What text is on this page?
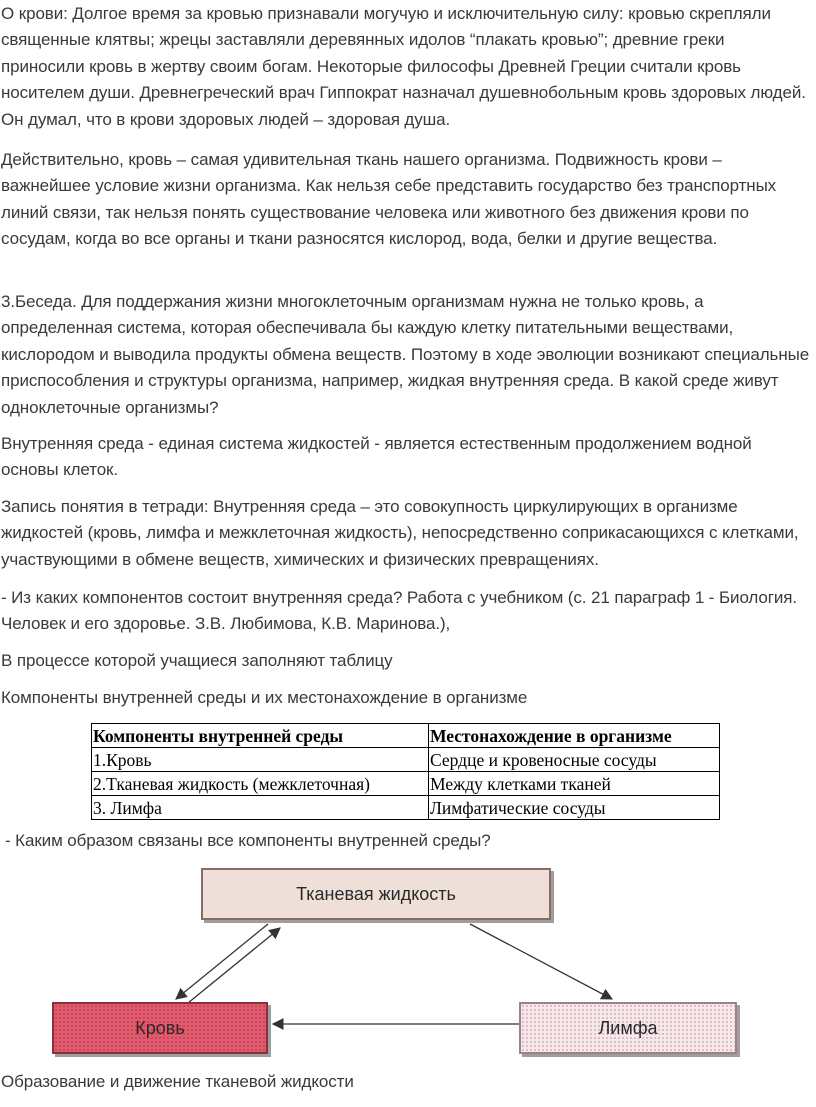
О крови: Долгое время за кровью признавали могучую и исключительную силу: кровью скрепляли священные клятвы; жрецы заставляли деревянных идолов “плакать кровью”; древние греки приносили кровь в жертву своим богам. Некоторые философы Древней Греции считали кровь носителем души. Древнегреческий врач Гиппократ назначал душевнобольным кровь здоровых людей. Он думал, что в крови здоровых людей – здоровая душа.

Действительно, кровь – самая удивительная ткань нашего организма. Подвижность крови – важнейшее условие жизни организма. Как нельзя себе представить государство без транспортных линий связи, так нельзя понять существование человека или животного без движения крови по сосудам, когда во все органы и ткани разносятся кислород, вода, белки и другие вещества.

3.Беседа. Для поддержания жизни многоклеточным организмам нужна не только кровь, а определенная система, которая обеспечивала бы каждую клетку питательными веществами, кислородом и выводила продукты обмена веществ. Поэтому в ходе эволюции возникают специальные приспособления и структуры организма, например, жидкая внутренняя среда. В какой среде живут одноклеточные организмы?

Внутренняя среда - единая система жидкостей - является естественным продолжением водной основы клеток.

Запись понятия в тетради: Внутренняя среда – это совокупность циркулирующих в организме жидкостей (кровь, лимфа и межклеточная жидкость), непосредственно соприкасающихся с клетками, участвующими в обмене веществ, химических и физических превращениях.

- Из каких компонентов состоит внутренняя среда? Работа с учебником (с. 21 параграф 1 - Биология. Человек и его здоровье. З.В. Любимова, К.В. Маринова.),

В процессе которой учащиеся заполняют таблицу

Компоненты внутренней среды и их местонахождение в организме

Компоненты внутренней среды	Местонахождение в организме
1.Кровь	Сердце и кровеносные сосуды
2.Тканевая жидкость (межклеточная)	Между клетками тканей
3. Лимфа	Лимфатические сосуды

- Каким образом связаны все компоненты внутренней среды?

Тканевая жидкость
Кровь	Лимфа

Образование и движение тканевой жидкости
